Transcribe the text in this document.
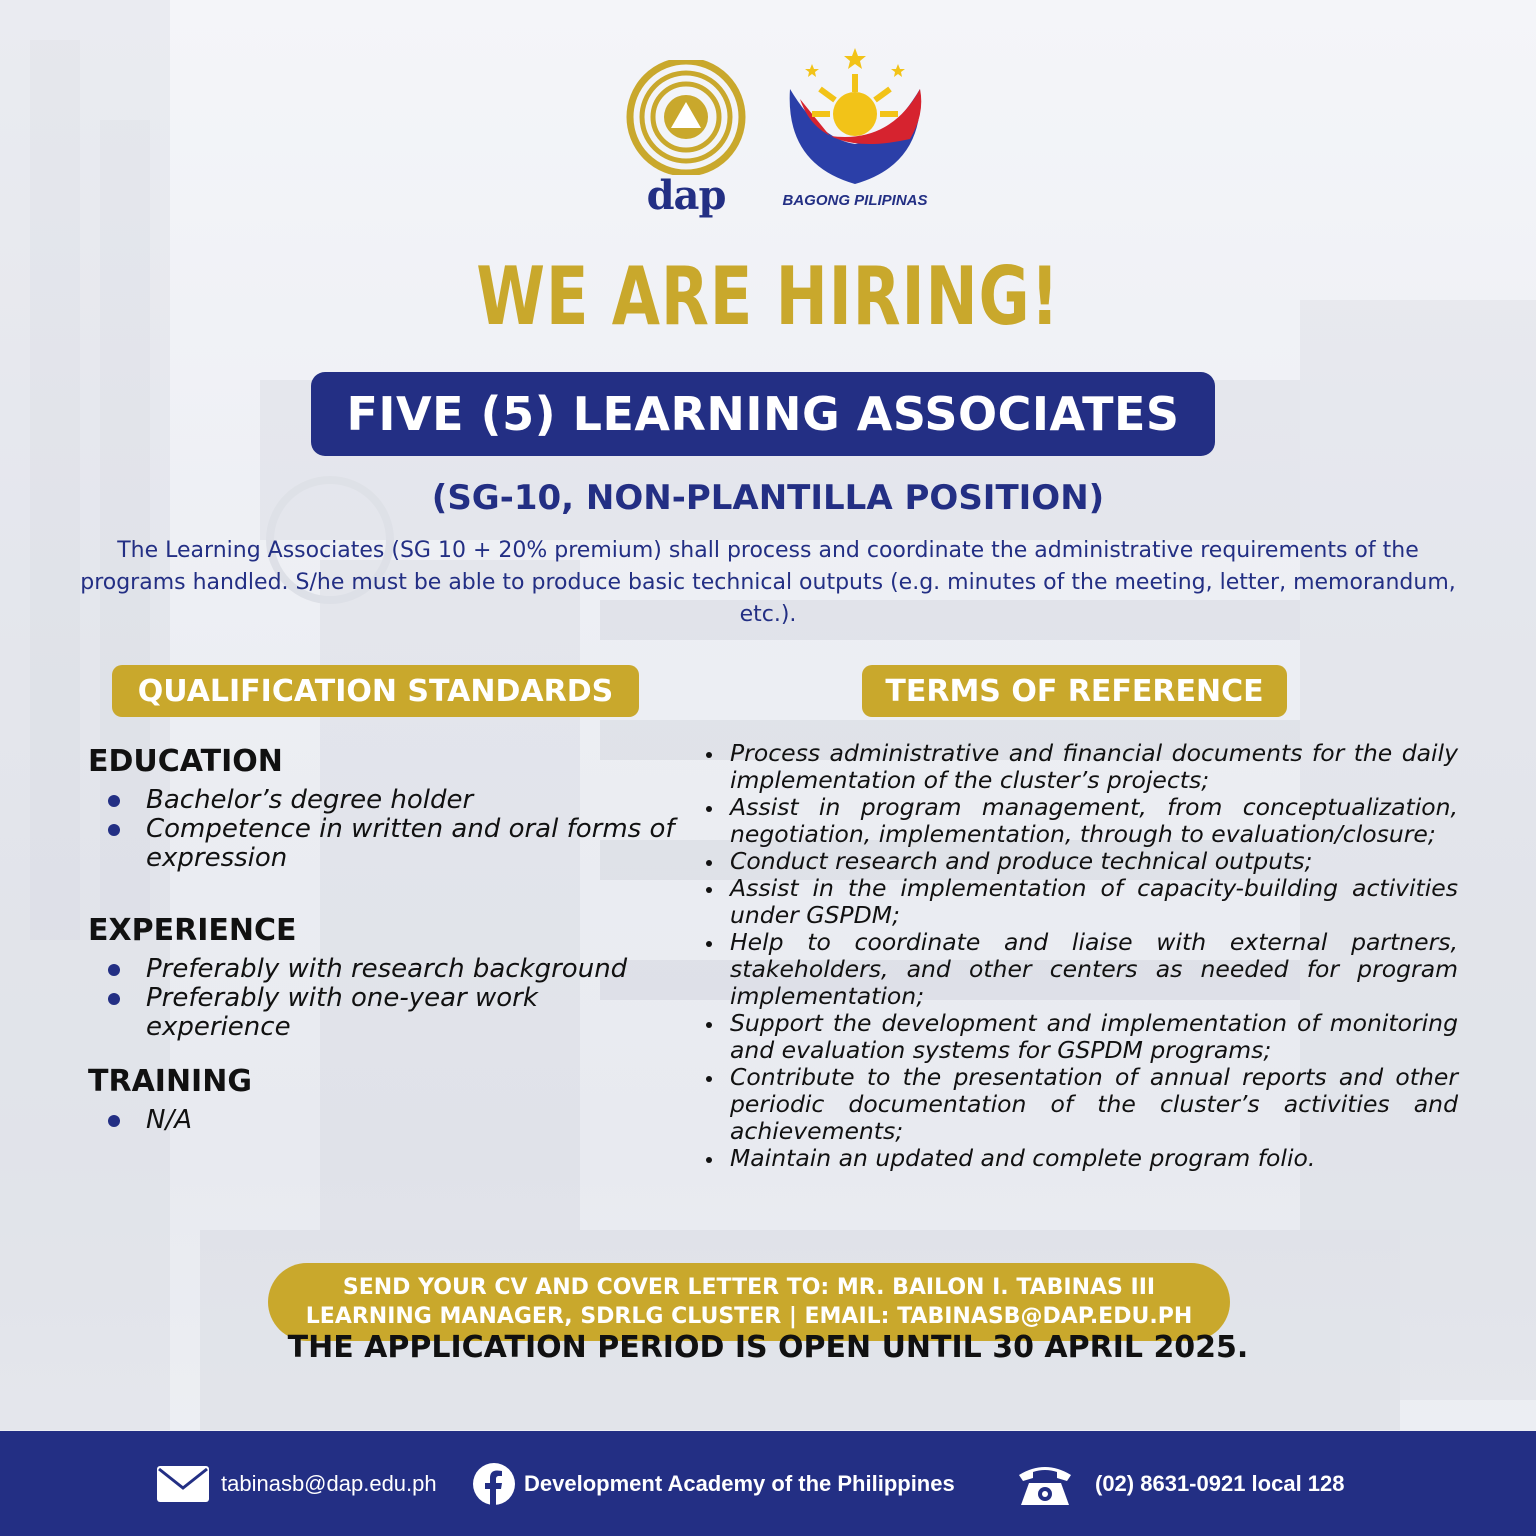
dap	BAGONG PILIPINAS
WE ARE HIRING!
FIVE (5) LEARNING ASSOCIATES
(SG-10, NON-PLANTILLA POSITION)
The Learning Associates (SG 10 + 20% premium) shall process and coordinate the administrative requirements of the programs handled. S/he must be able to produce basic technical outputs (e.g. minutes of the meeting, letter, memorandum, etc.).
QUALIFICATION STANDARDS	TERMS OF REFERENCE
EDUCATION
Bachelor’s degree holder
Competence in written and oral forms of expression
EXPERIENCE
Preferably with research background
Preferably with one-year work experience
TRAINING
N/A
Process administrative and financial documents for the daily implementation of the cluster’s projects;
Assist in program management, from conceptualization, negotiation, implementation, through to evaluation/closure;
Conduct research and produce technical outputs;
Assist in the implementation of capacity-building activities under GSPDM;
Help to coordinate and liaise with external partners, stakeholders, and other centers as needed for program implementation;
Support the development and implementation of monitoring and evaluation systems for GSPDM programs;
Contribute to the presentation of annual reports and other periodic documentation of the cluster’s activities and achievements;
Maintain an updated and complete program folio.
SEND YOUR CV AND COVER LETTER TO: MR. BAILON I. TABINAS III
LEARNING MANAGER, SDRLG CLUSTER | EMAIL: TABINASB@DAP.EDU.PH
THE APPLICATION PERIOD IS OPEN UNTIL 30 APRIL 2025.
tabinasb@dap.edu.ph	Development Academy of the Philippines	(02) 8631-0921 local 128
